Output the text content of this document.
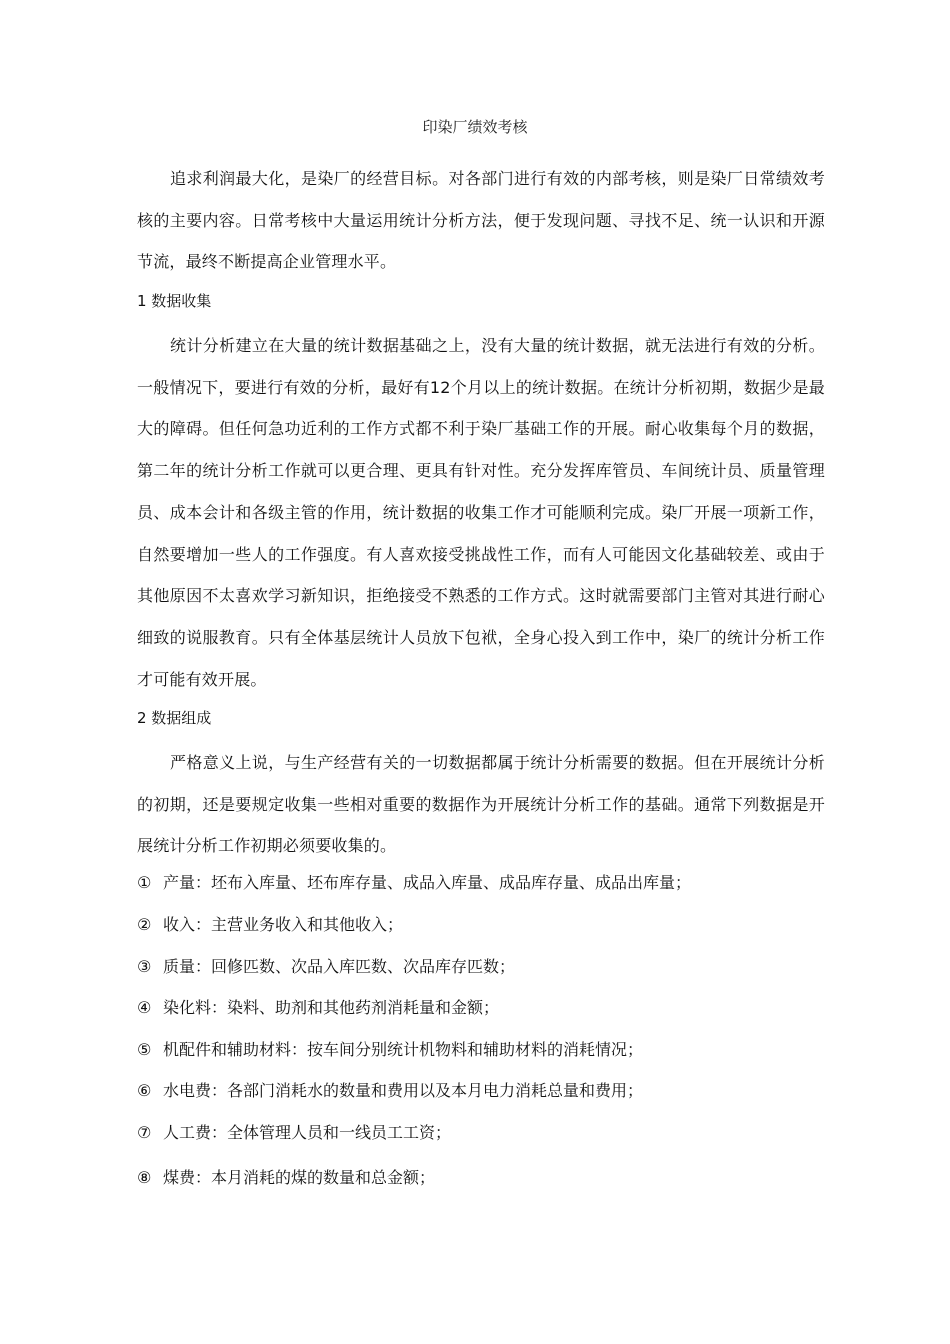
印染厂绩效考核
追求利润最大化，是染厂的经营目标。对各部门进行有效的内部考核，则是染厂日常绩效考核的主要内容。日常考核中大量运用统计分析方法，便于发现问题、寻找不足、统一认识和开源节流，最终不断提高企业管理水平。
1 数据收集
统计分析建立在大量的统计数据基础之上，没有大量的统计数据，就无法进行有效的分析。一般情况下，要进行有效的分析，最好有12个月以上的统计数据。在统计分析初期，数据少是最大的障碍。但任何急功近利的工作方式都不利于染厂基础工作的开展。耐心收集每个月的数据，第二年的统计分析工作就可以更合理、更具有针对性。充分发挥库管员、车间统计员、质量管理员、成本会计和各级主管的作用，统计数据的收集工作才可能顺利完成。染厂开展一项新工作，自然要增加一些人的工作强度。有人喜欢接受挑战性工作，而有人可能因文化基础较差、或由于其他原因不太喜欢学习新知识，拒绝接受不熟悉的工作方式。这时就需要部门主管对其进行耐心细致的说服教育。只有全体基层统计人员放下包袱，全身心投入到工作中，染厂的统计分析工作才可能有效开展。
2 数据组成
严格意义上说，与生产经营有关的一切数据都属于统计分析需要的数据。但在开展统计分析的初期，还是要规定收集一些相对重要的数据作为开展统计分析工作的基础。通常下列数据是开展统计分析工作初期必须要收集的。
① 产量：坯布入库量、坯布库存量、成品入库量、成品库存量、成品出库量；
② 收入：主营业务收入和其他收入；
③ 质量：回修匹数、次品入库匹数、次品库存匹数；
④ 染化料：染料、助剂和其他药剂消耗量和金额；
⑤ 机配件和辅助材料：按车间分别统计机物料和辅助材料的消耗情况；
⑥ 水电费：各部门消耗水的数量和费用以及本月电力消耗总量和费用；
⑦ 人工费：全体管理人员和一线员工工资；
⑧ 煤费：本月消耗的煤的数量和总金额；
